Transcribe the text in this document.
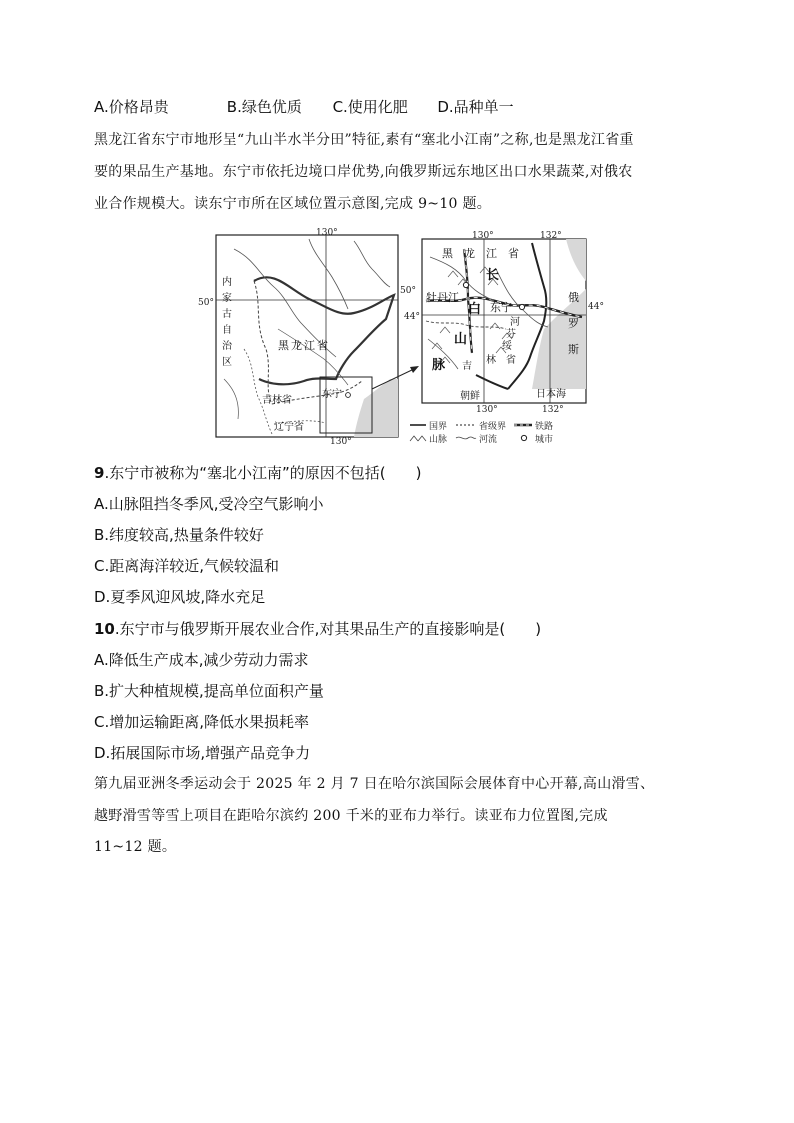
A.价格昂贵	B.绿色优质 C.使用化肥 D.品种单一
黑龙江省东宁市地形呈“九山半水半分田”特征,素有“塞北小江南”之称,也是黑龙江省重
要的果品生产基地。东宁市依托边境口岸优势,向俄罗斯远东地区出口水果蔬菜,对俄农
业合作规模大。读东宁市所在区域位置示意图,完成 9~10 题。
130°
130°
50°
50°
内
家
古
自
治
区
黑龙江省
吉林省
辽宁省
东宁
130°	132°
130°	132°
44°
44°
黑 龙 江 省
牡丹江
东宁
长
白
山
脉 吉
林 省
俄
罗
斯
河
芬
绥
朝鲜	日本海
国界	省级界	铁路
山脉	河流	城市
9.东宁市被称为“塞北小江南”的原因不包括(　　)
A.山脉阻挡冬季风,受冷空气影响小
B.纬度较高,热量条件较好
C.距离海洋较近,气候较温和
D.夏季风迎风坡,降水充足
10.东宁市与俄罗斯开展农业合作,对其果品生产的直接影响是(　　)
A.降低生产成本,减少劳动力需求
B.扩大种植规模,提高单位面积产量
C.增加运输距离,降低水果损耗率
D.拓展国际市场,增强产品竞争力
第九届亚洲冬季运动会于 2025 年 2 月 7 日在哈尔滨国际会展体育中心开幕,高山滑雪、
越野滑雪等雪上项目在距哈尔滨约 200 千米的亚布力举行。读亚布力位置图,完成
11~12 题。
